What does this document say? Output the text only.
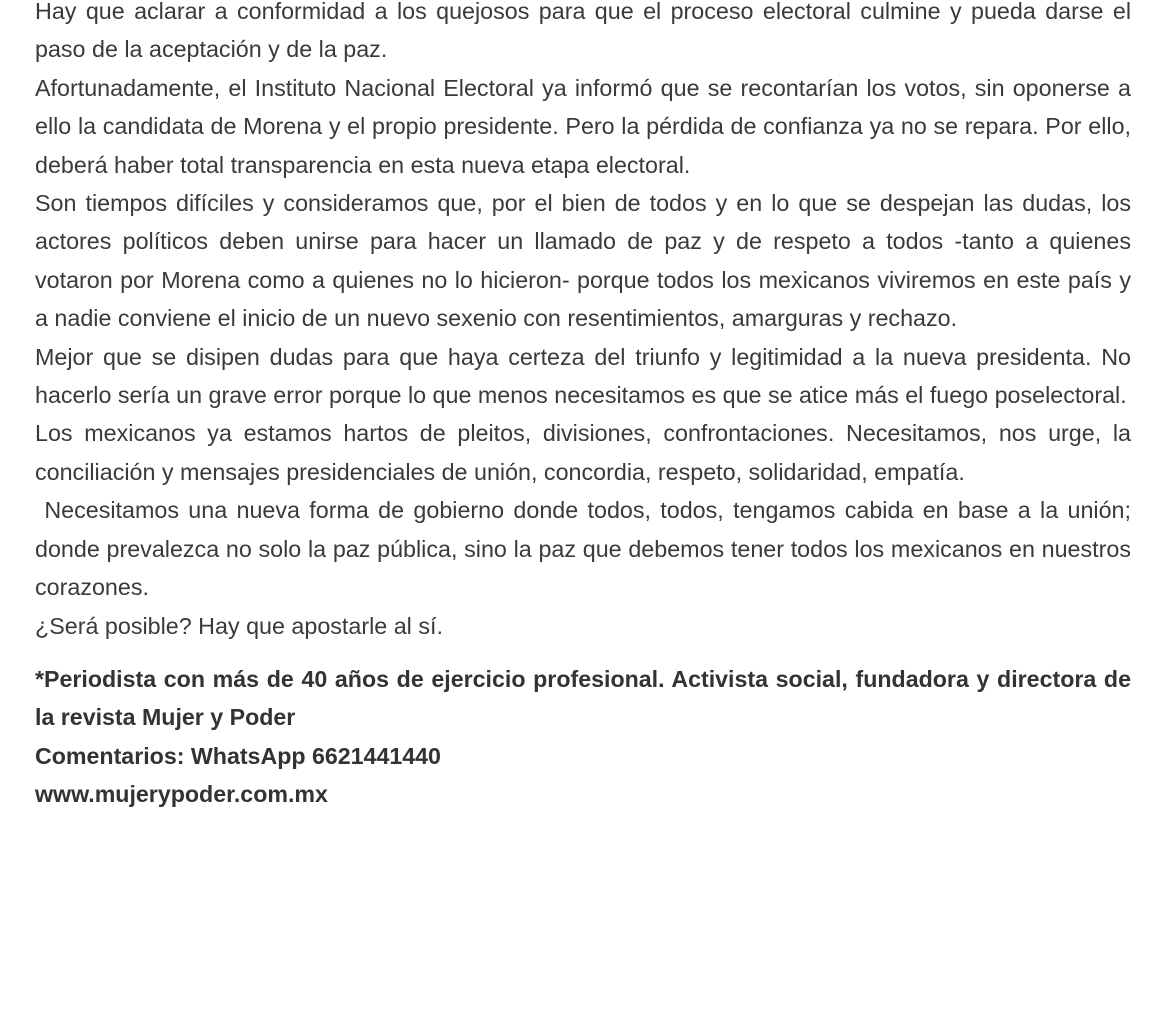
Hay que aclarar a conformidad a los quejosos para que el proceso electoral culmine y pueda darse el paso de la aceptación y de la paz.

Afortunadamente, el Instituto Nacional Electoral ya informó que se recontarían los votos, sin oponerse a ello la candidata de Morena y el propio presidente. Pero la pérdida de confianza ya no se repara. Por ello, deberá haber total transparencia en esta nueva etapa electoral.

Son tiempos difíciles y consideramos que, por el bien de todos y en lo que se despejan las dudas, los actores políticos deben unirse para hacer un llamado de paz y de respeto a todos -tanto a quienes votaron por Morena como a quienes no lo hicieron- porque todos los mexicanos viviremos en este país y a nadie conviene el inicio de un nuevo sexenio con resentimientos, amarguras y rechazo.

Mejor que se disipen dudas para que haya certeza del triunfo y legitimidad a la nueva presidenta. No hacerlo sería un grave error porque lo que menos necesitamos es que se atice más el fuego poselectoral.

Los mexicanos ya estamos hartos de pleitos, divisiones, confrontaciones. Necesitamos, nos urge, la conciliación y mensajes presidenciales de unión, concordia, respeto, solidaridad, empatía.

Necesitamos una nueva forma de gobierno donde todos, todos, tengamos cabida en base a la unión; donde prevalezca no solo la paz pública, sino la paz que debemos tener todos los mexicanos en nuestros corazones.

¿Será posible? Hay que apostarle al sí.

*Periodista con más de 40 años de ejercicio profesional. Activista social, fundadora y directora de la revista Mujer y Poder

Comentarios: WhatsApp 6621441440

www.mujerypoder.com.mx
